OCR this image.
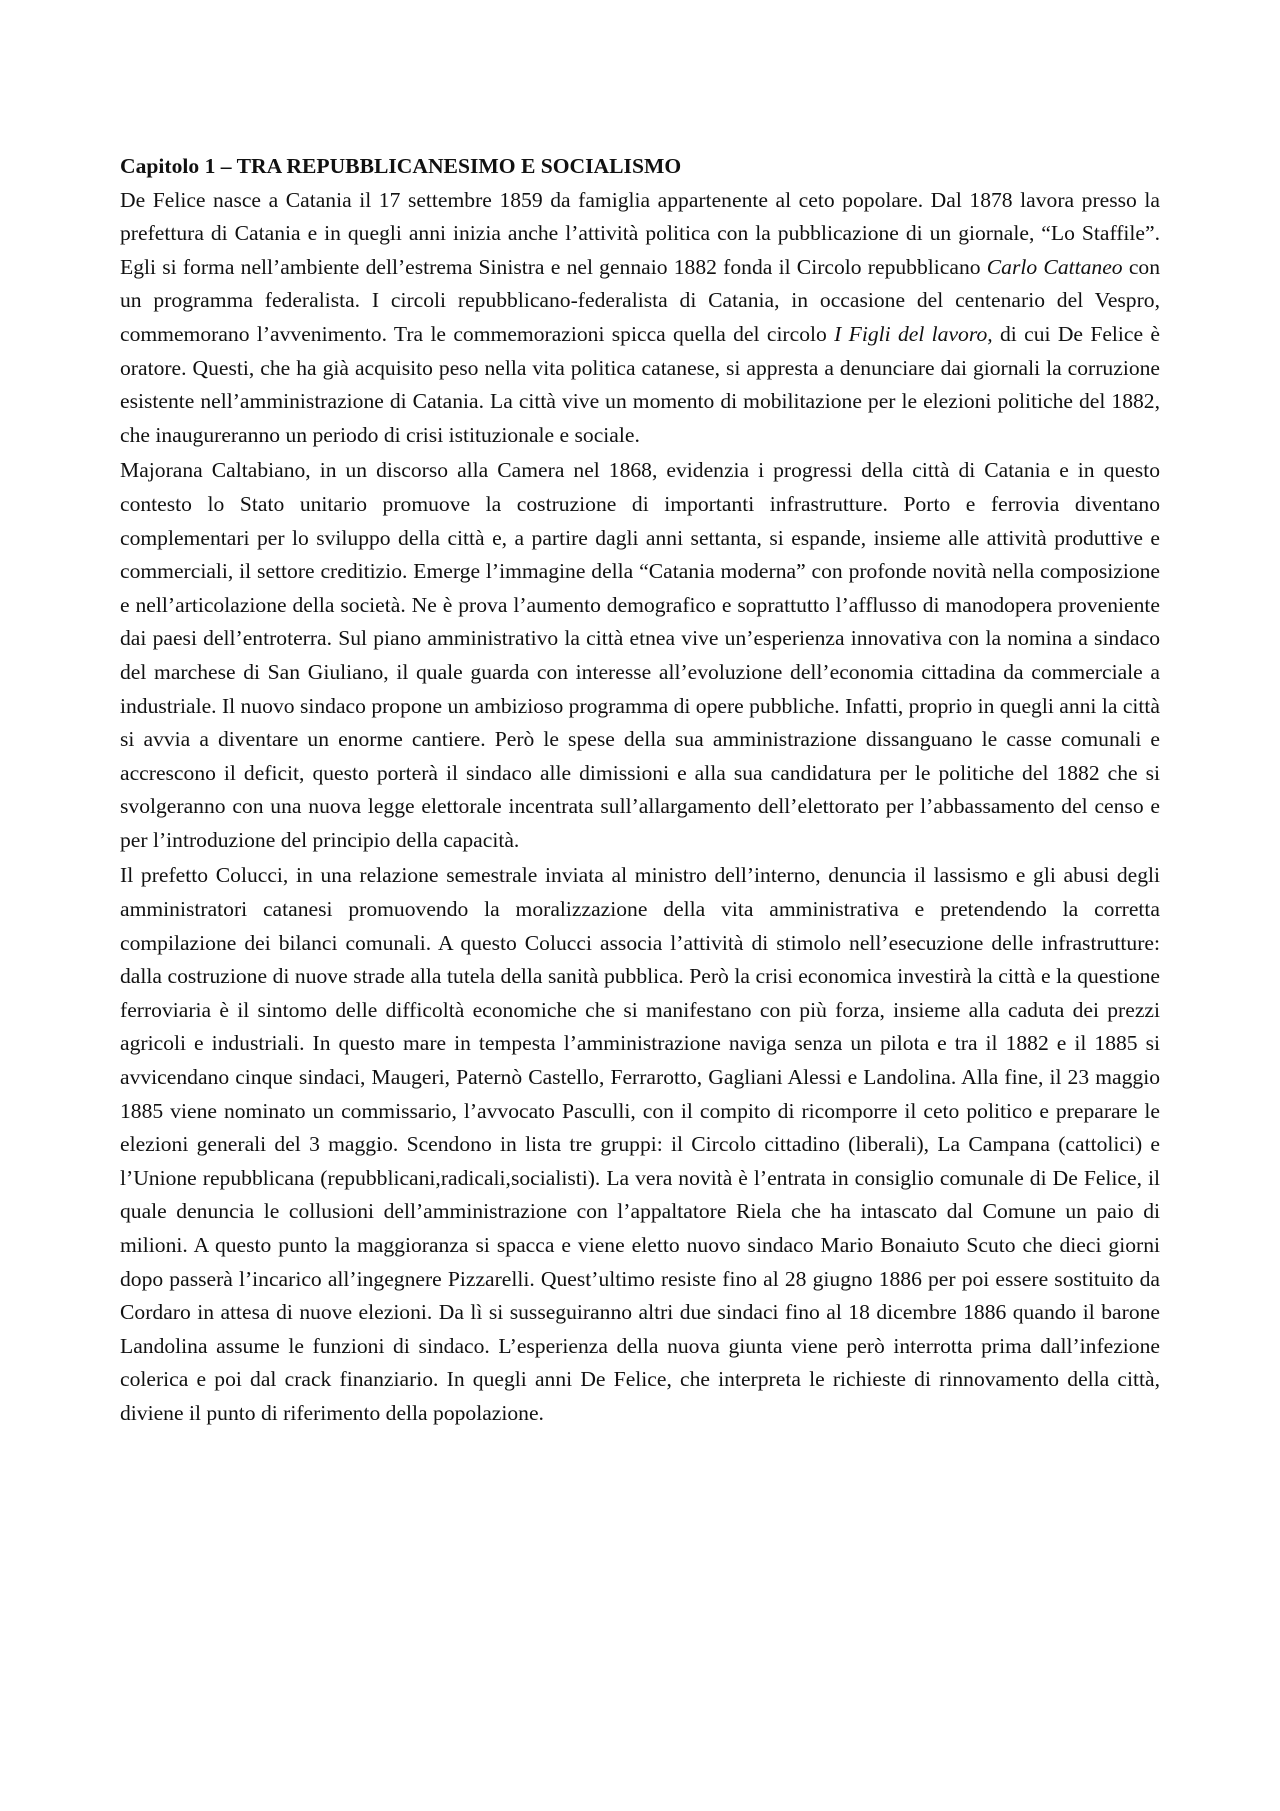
Capitolo 1 – TRA REPUBBLICANESIMO E SOCIALISMO

De Felice nasce a Catania il 17 settembre 1859 da famiglia appartenente al ceto popolare. Dal 1878 lavora presso la prefettura di Catania e in quegli anni inizia anche l’attività politica con la pubblicazione di un giornale, “Lo Staffile”. Egli si forma nell’ambiente dell’estrema Sinistra e nel gennaio 1882 fonda il Circolo repubblicano Carlo Cattaneo con un programma federalista. I circoli repubblicano-federalista di Catania, in occasione del centenario del Vespro, commemorano l’avvenimento. Tra le commemorazioni spicca quella del circolo I Figli del lavoro, di cui De Felice è oratore. Questi, che ha già acquisito peso nella vita politica catanese, si appresta a denunciare dai giornali la corruzione esistente nell’amministrazione di Catania. La città vive un momento di mobilitazione per le elezioni politiche del 1882, che inaugureranno un periodo di crisi istituzionale e sociale.

Majorana Caltabiano, in un discorso alla Camera nel 1868, evidenzia i progressi della città di Catania e in questo contesto lo Stato unitario promuove la costruzione di importanti infrastrutture. Porto e ferrovia diventano complementari per lo sviluppo della città e, a partire dagli anni settanta, si espande, insieme alle attività produttive e commerciali, il settore creditizio. Emerge l’immagine della “Catania moderna” con profonde novità nella composizione e nell’articolazione della società. Ne è prova l’aumento demografico e soprattutto l’afflusso di manodopera proveniente dai paesi dell’entroterra. Sul piano amministrativo la città etnea vive un’esperienza innovativa con la nomina a sindaco del marchese di San Giuliano, il quale guarda con interesse all’evoluzione dell’economia cittadina da commerciale a industriale. Il nuovo sindaco propone un ambizioso programma di opere pubbliche. Infatti, proprio in quegli anni la città si avvia a diventare un enorme cantiere. Però le spese della sua amministrazione dissanguano le casse comunali e accrescono il deficit, questo porterà il sindaco alle dimissioni e alla sua candidatura per le politiche del 1882 che si svolgeranno con una nuova legge elettorale incentrata sull’allargamento dell’elettorato per l’abbassamento del censo e per l’introduzione del principio della capacità.

Il prefetto Colucci, in una relazione semestrale inviata al ministro dell’interno, denuncia il lassismo e gli abusi degli amministratori catanesi promuovendo la moralizzazione della vita amministrativa e pretendendo la corretta compilazione dei bilanci comunali. A questo Colucci associa l’attività di stimolo nell’esecuzione delle infrastrutture: dalla costruzione di nuove strade alla tutela della sanità pubblica. Però la crisi economica investirà la città e la questione ferroviaria è il sintomo delle difficoltà economiche che si manifestano con più forza, insieme alla caduta dei prezzi agricoli e industriali. In questo mare in tempesta l’amministrazione naviga senza un pilota e tra il 1882 e il 1885 si avvicendano cinque sindaci, Maugeri, Paternò Castello, Ferrarotto, Gagliani Alessi e Landolina. Alla fine, il 23 maggio 1885 viene nominato un commissario, l’avvocato Pasculli, con il compito di ricomporre il ceto politico e preparare le elezioni generali del 3 maggio. Scendono in lista tre gruppi: il Circolo cittadino (liberali), La Campana (cattolici) e l’Unione repubblicana (repubblicani,radicali,socialisti). La vera novità è l’entrata in consiglio comunale di De Felice, il quale denuncia le collusioni dell’amministrazione con l’appaltatore Riela che ha intascato dal Comune un paio di milioni. A questo punto la maggioranza si spacca e viene eletto nuovo sindaco Mario Bonaiuto Scuto che dieci giorni dopo passerà l’incarico all’ingegnere Pizzarelli. Quest’ultimo resiste fino al 28 giugno 1886 per poi essere sostituito da Cordaro in attesa di nuove elezioni. Da lì si susseguiranno altri due sindaci fino al 18 dicembre 1886 quando il barone Landolina assume le funzioni di sindaco. L’esperienza della nuova giunta viene però interrotta prima dall’infezione colerica e poi dal crack finanziario. In quegli anni De Felice, che interpreta le richieste di rinnovamento della città, diviene il punto di riferimento della popolazione.
